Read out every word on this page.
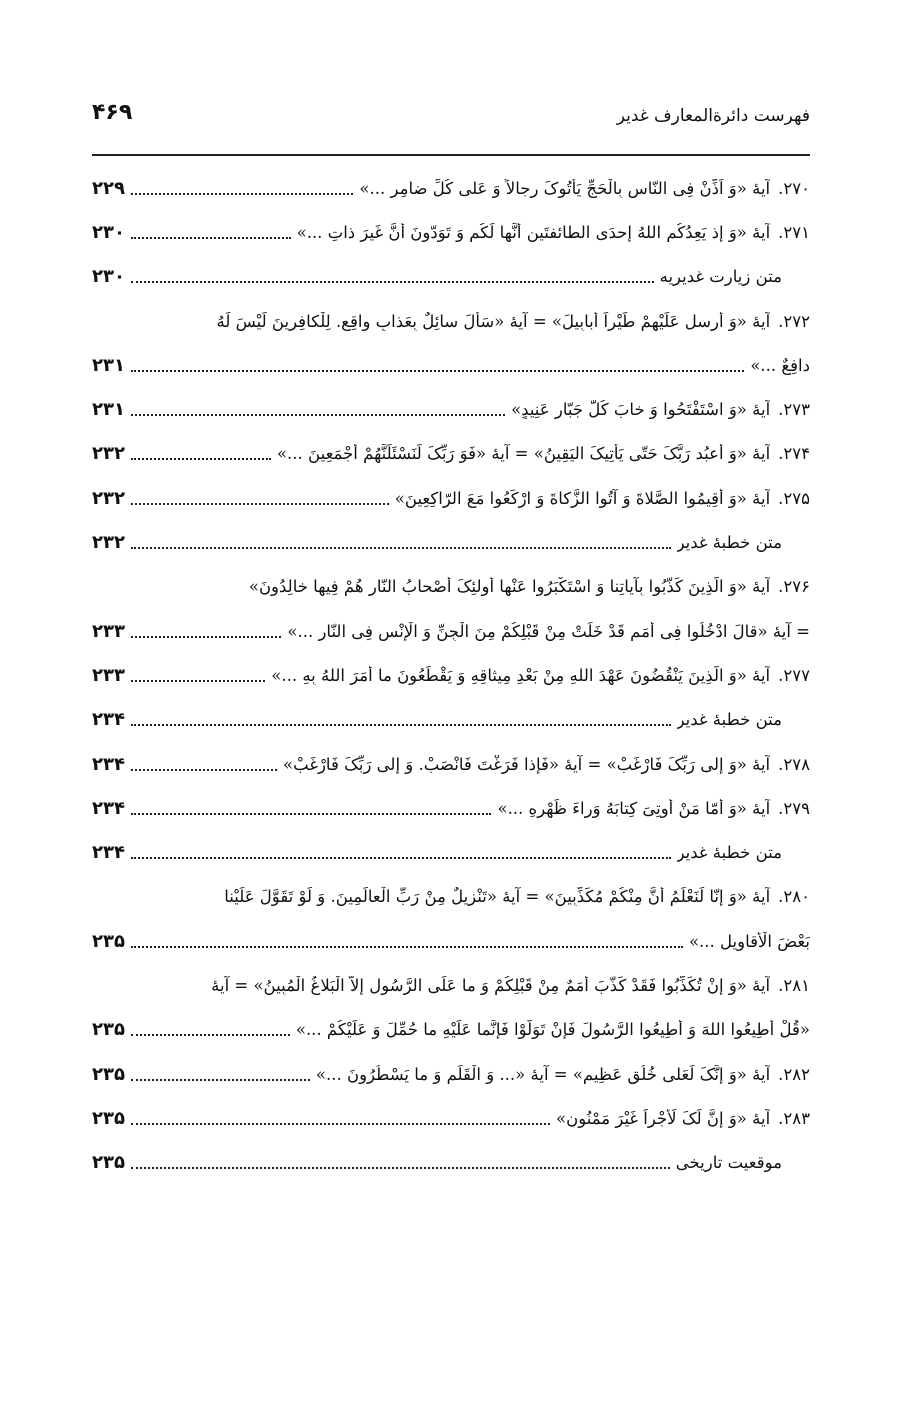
فهرست دائرةالمعارف غدیر
۴۶۹
۲۷۰.
آیهٔ «وَ اَذِّنْ فِی النّاسِ بِالْحَجِّ یَأْتُوکَ رِجالاً وَ عَلی کُلِّ ضامِرٍ ...»
۲۲۹
۲۷۱.
آیهٔ «وَ إذ یَعِدُکُم اللهُ إحدَی الطائفتَین أنَّها لَکُم وَ تَوَدّونَ أنَّ غَیرَ ذاتِ ...»
۲۳۰
متن زیارت غدیریه
۲۳۰
۲۷۲.
آیهٔ «وَ أرسل عَلَیْهِمْ طَیْراً أبابِیلَ» = آیهٔ «سَأَلَ سائِلٌ بِعَذابٍ واقِعٍ. لِلْکافِرِینَ لَیْسَ لَهُ
دافِعٌ ...»
۲۳۱
۲۷۳.
آیهٔ «وَ اسْتَفْتَحُوا وَ خابَ کُلُّ جَبّارٍ عَنِیدٍ»
۲۳۱
۲۷۴.
آیهٔ «وَ أعبُد رَبَّکَ حَتّی یَأتِیکَ الیَقِینُ» = آیهٔ «فَوَ رَبِّکَ لَنَسْئَلَنَّهُمْ أجْمَعِینَ ...»
۲۳۲
۲۷۵.
آیهٔ «وَ أَقِیمُوا الصَّلاةَ وَ آتُوا الزَّکاةَ وَ ارْکَعُوا مَعَ الرّاکِعِینَ»
۲۳۲
متن خطبهٔ غدیر
۲۳۲
۲۷۶.
آیهٔ «وَ الَّذِینَ کَذَّبُوا بِآیاتِنا وَ اسْتَکْبَرُوا عَنْها أُولئِکَ أَصْحابُ النّارِ هُمْ فِیها خالِدُونَ»
= آیهٔ «قالَ ادْخُلُوا فِی أُمَمٍ قَدْ خَلَتْ مِنْ قَبْلِکُمْ مِنَ الْجِنِّ وَ الْإِنْسِ فِی النّارِ ...»
۲۳۳
۲۷۷.
آیهٔ «وَ الَّذِینَ یَنْقُضُونَ عَهْدَ اللهِ مِنْ بَعْدِ مِیثاقِهِ وَ یَقْطَعُونَ ما أَمَرَ اللهُ بِهِ ...»
۲۳۳
متن خطبهٔ غدیر
۲۳۴
۲۷۸.
آیهٔ «وَ إِلی رَبِّکَ فَارْغَبْ» = آیهٔ «فَإِذا فَرَغْتَ فَانْصَبْ. وَ إِلی رَبِّکَ فَارْغَبْ»
۲۳۴
۲۷۹.
آیهٔ «وَ أَمّا مَنْ أُوتِیَ کِتابَهُ وَراءَ ظَهْرِهِ ...»
۲۳۴
متن خطبهٔ غدیر
۲۳۴
۲۸۰.
آیهٔ «وَ إِنّا لَنَعْلَمُ أَنَّ مِنْکُمْ مُکَذِّبِینَ» = آیهٔ «تَنْزِیلٌ مِنْ رَبِّ الْعالَمِینَ. وَ لَوْ تَقَوَّلَ عَلَیْنا
بَعْضَ الْأَقاوِیلِ ...»
۲۳۵
۲۸۱.
آیهٔ «وَ إِنْ تُکَذِّبُوا فَقَدْ کَذَّبَ أُمَمٌ مِنْ قَبْلِکُمْ وَ ما عَلَی الرَّسُولِ إِلاَّ الْبَلاغُ الْمُبِینُ» = آیهٔ
«قُلْ أَطِیعُوا اللهَ وَ أَطِیعُوا الرَّسُولَ فَإِنْ تَوَلَّوْا فَإِنَّما عَلَیْهِ ما حُمِّلَ وَ عَلَیْکُمْ ...»
۲۳۵
۲۸۲.
آیهٔ «وَ إِنَّکَ لَعَلی خُلُقٍ عَظِیمٍ» = آیهٔ «... وَ الْقَلَمِ وَ ما یَسْطُرُونَ ...»
۲۳۵
۲۸۳.
آیهٔ «وَ إِنَّ لَکَ لَأَجْراً غَیْرَ مَمْنُونٍ»
۲۳۵
موقعیت تاریخی
۲۳۵
